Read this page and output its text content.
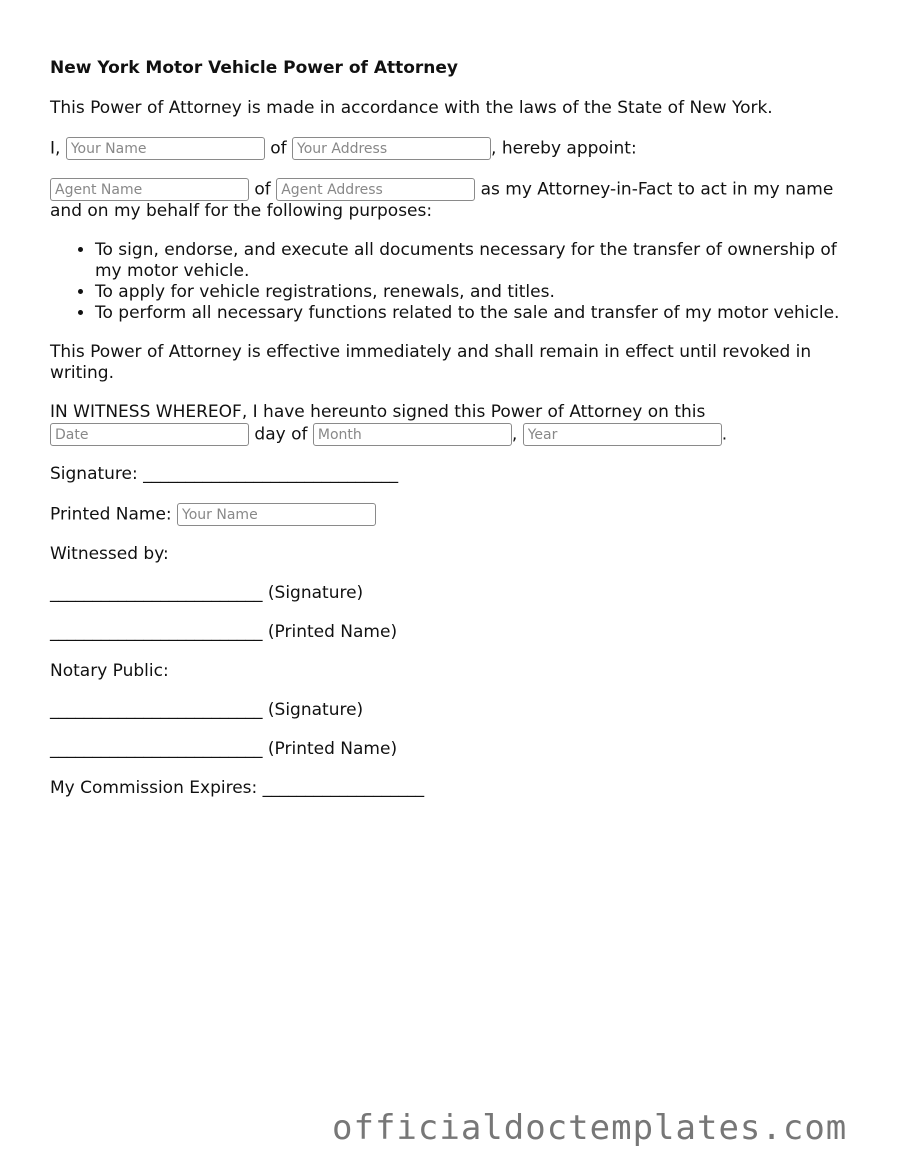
New York Motor Vehicle Power of Attorney

This Power of Attorney is made in accordance with the laws of the State of New York.

I, Your Name	of Your Address	, hereby appoint:

Agent Name of Agent Address	as my Attorney-in-Fact to act in my name and on my behalf for the following purposes:

• To sign, endorse, and execute all documents necessary for the transfer of ownership of my motor vehicle.
• To apply for vehicle registrations, renewals, and titles.
• To perform all necessary functions related to the sale and transfer of my motor vehicle.

This Power of Attorney is effective immediately and shall remain in effect until revoked in writing.

IN WITNESS WHEREOF, I have hereunto signed this Power of Attorney on this
Date day of Month	, Year	.

Signature: ______________________________

Printed Name: Your Name

Witnessed by:

_________________________ (Signature)

_________________________ (Printed Name)

Notary Public:

_________________________ (Signature)

_________________________ (Printed Name)

My Commission Expires: ___________________

officialdoctemplates.com
